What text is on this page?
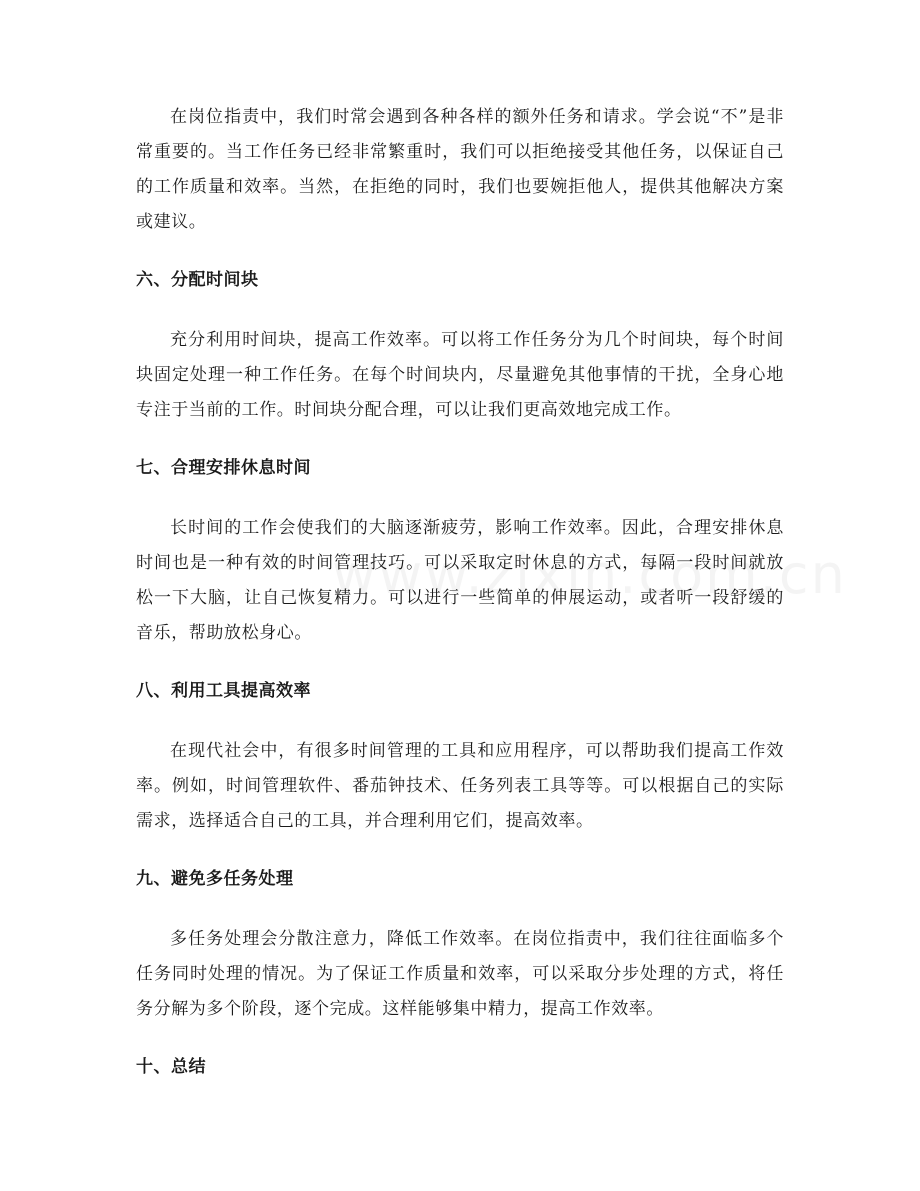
在岗位指责中，我们时常会遇到各种各样的额外任务和请求。学会说“不”是非常重要的。当工作任务已经非常繁重时，我们可以拒绝接受其他任务，以保证自己的工作质量和效率。当然，在拒绝的同时，我们也要婉拒他人，提供其他解决方案或建议。

六、分配时间块

充分利用时间块，提高工作效率。可以将工作任务分为几个时间块，每个时间块固定处理一种工作任务。在每个时间块内，尽量避免其他事情的干扰，全身心地专注于当前的工作。时间块分配合理，可以让我们更高效地完成工作。

七、合理安排休息时间

长时间的工作会使我们的大脑逐渐疲劳，影响工作效率。因此，合理安排休息时间也是一种有效的时间管理技巧。可以采取定时休息的方式，每隔一段时间就放松一下大脑，让自己恢复精力。可以进行一些简单的伸展运动，或者听一段舒缓的音乐，帮助放松身心。

八、利用工具提高效率

在现代社会中，有很多时间管理的工具和应用程序，可以帮助我们提高工作效率。例如，时间管理软件、番茄钟技术、任务列表工具等等。可以根据自己的实际需求，选择适合自己的工具，并合理利用它们，提高效率。

九、避免多任务处理

多任务处理会分散注意力，降低工作效率。在岗位指责中，我们往往面临多个任务同时处理的情况。为了保证工作质量和效率，可以采取分步处理的方式，将任务分解为多个阶段，逐个完成。这样能够集中精力，提高工作效率。

十、总结
